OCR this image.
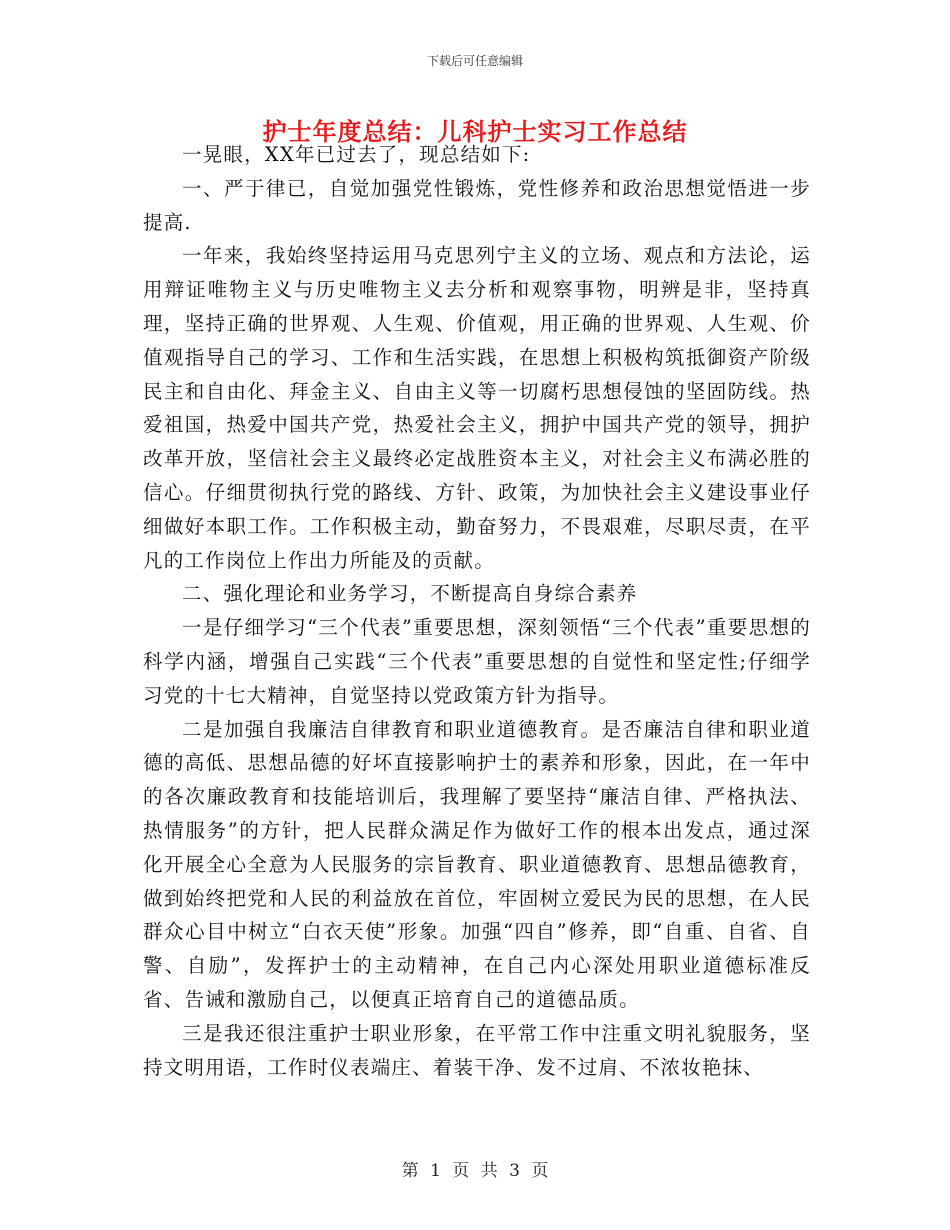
下载后可任意编辑
护士年度总结：儿科护士实习工作总结

一晃眼，XX年已过去了，现总结如下:

一、严于律已，自觉加强党性锻炼，党性修养和政治思想觉悟进一步提高.

一年来，我始终坚持运用马克思列宁主义的立场、观点和方法论，运用辩证唯物主义与历史唯物主义去分析和观察事物，明辨是非，坚持真理，坚持正确的世界观、人生观、价值观，用正确的世界观、人生观、价值观指导自己的学习、工作和生活实践，在思想上积极构筑抵御资产阶级民主和自由化、拜金主义、自由主义等一切腐朽思想侵蚀的坚固防线。热爱祖国，热爱中国共产党，热爱社会主义，拥护中国共产党的领导，拥护改革开放，坚信社会主义最终必定战胜资本主义，对社会主义布满必胜的信心。仔细贯彻执行党的路线、方针、政策，为加快社会主义建设事业仔细做好本职工作。工作积极主动，勤奋努力，不畏艰难，尽职尽责，在平凡的工作岗位上作出力所能及的贡献。

二、强化理论和业务学习，不断提高自身综合素养

一是仔细学习“三个代表”重要思想，深刻领悟“三个代表”重要思想的科学内涵，增强自己实践“三个代表”重要思想的自觉性和坚定性;仔细学习党的十七大精神，自觉坚持以党政策方针为指导。

二是加强自我廉洁自律教育和职业道德教育。是否廉洁自律和职业道德的高低、思想品德的好坏直接影响护士的素养和形象，因此，在一年中的各次廉政教育和技能培训后，我理解了要坚持“廉洁自律、严格执法、热情服务”的方针，把人民群众满足作为做好工作的根本出发点，通过深化开展全心全意为人民服务的宗旨教育、职业道德教育、思想品德教育，做到始终把党和人民的利益放在首位，牢固树立爱民为民的思想，在人民群众心目中树立“白衣天使”形象。加强“四自”修养，即“自重、自省、自警、自励”，发挥护士的主动精神，在自己内心深处用职业道德标准反省、告诫和激励自己，以便真正培育自己的道德品质。

三是我还很注重护士职业形象，在平常工作中注重文明礼貌服务，坚持文明用语，工作时仪表端庄、着装干净、发不过肩、不浓妆艳抹、

第 1 页 共 3 页
